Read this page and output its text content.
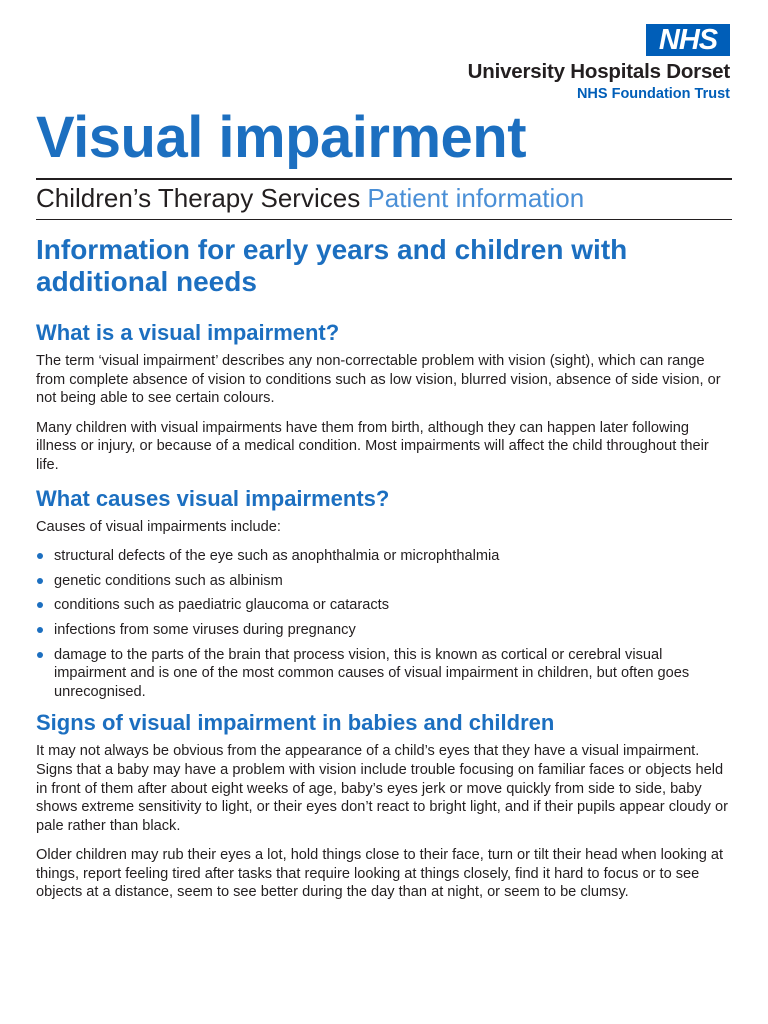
NHS
University Hospitals Dorset
NHS Foundation Trust
Visual impairment
Children’s Therapy Services Patient information
Information for early years and children with additional needs
What is a visual impairment?

The term ‘visual impairment’ describes any non-correctable problem with vision (sight), which can range from complete absence of vision to conditions such as low vision, blurred vision, absence of side vision, or not being able to see certain colours.

Many children with visual impairments have them from birth, although they can happen later following illness or injury, or because of a medical condition. Most impairments will affect the child throughout their life.

What causes visual impairments?

Causes of visual impairments include:

structural defects of the eye such as anophthalmia or microphthalmia
genetic conditions such as albinism
conditions such as paediatric glaucoma or cataracts
infections from some viruses during pregnancy
damage to the parts of the brain that process vision, this is known as cortical or cerebral visual impairment and is one of the most common causes of visual impairment in children, but often goes unrecognised.
Signs of visual impairment in babies and children

It may not always be obvious from the appearance of a child’s eyes that they have a visual impairment. Signs that a baby may have a problem with vision include trouble focusing on familiar faces or objects held in front of them after about eight weeks of age, baby’s eyes jerk or move quickly from side to side, baby shows extreme sensitivity to light, or their eyes don’t react to bright light, and if their pupils appear cloudy or pale rather than black.

Older children may rub their eyes a lot, hold things close to their face, turn or tilt their head when looking at things, report feeling tired after tasks that require looking at things closely, find it hard to focus or to see objects at a distance, seem to see better during the day than at night, or seem to be clumsy.
